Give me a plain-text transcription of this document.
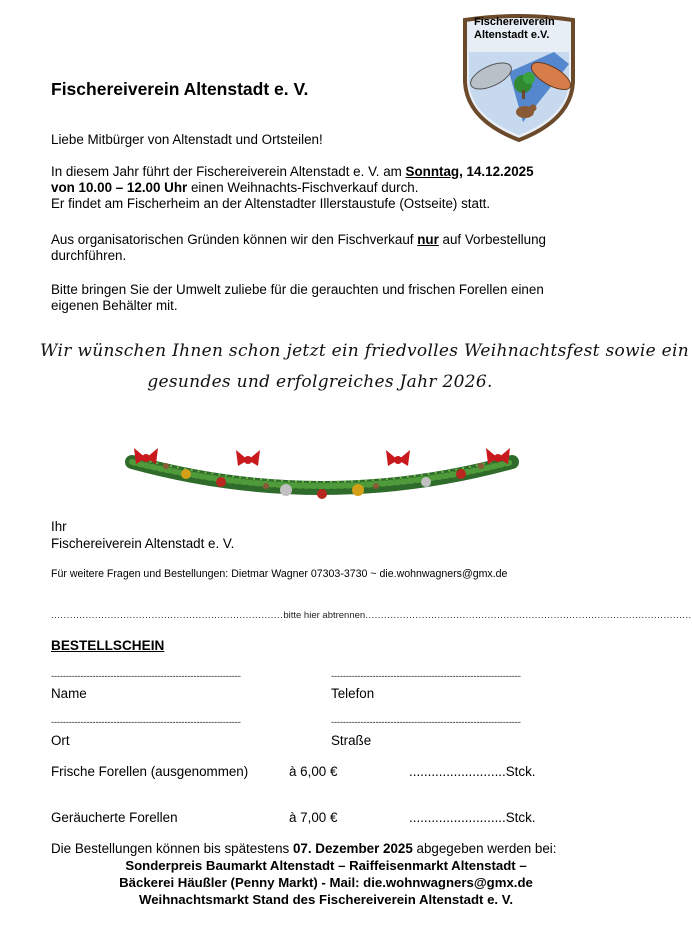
Fischereiverein
Altenstadt e.V.
Fischereiverein Altenstadt e. V.
Liebe Mitbürger von Altenstadt und Ortsteilen!
In diesem Jahr führt der Fischereiverein Altenstadt e. V. am Sonntag, 14.12.2025
von 10.00 – 12.00 Uhr einen Weihnachts-Fischverkauf durch.
Er findet am Fischerheim an der Altenstadter Illerstaustufe (Ostseite) statt.
Aus organisatorischen Gründen können wir den Fischverkauf nur auf Vorbestellung
durchführen.
Bitte bringen Sie der Umwelt zuliebe für die gerauchten und frischen Forellen einen
eigenen Behälter mit.
Wir wünschen Ihnen schon jetzt ein friedvolles Weihnachtsfest sowie ein
gesundes und erfolgreiches Jahr 2026.
Ihr
Fischereiverein Altenstadt e. V.
Für weitere Fragen und Bestellungen: Dietmar Wagner 07303-3730 ~ die.wohnwagners@gmx.de
..........................................................................bitte hier abtrennen........................................................................................................
BESTELLSCHEIN
----------------------------------------------------------------	----------------------------------------------------------------
Name	Telefon
----------------------------------------------------------------	----------------------------------------------------------------
Ort	Straße
Frische Forellen (ausgenommen)	à 6,00 €	..........................Stck.
Geräucherte Forellen	à 7,00 €	..........................Stck.
Die Bestellungen können bis spätestens 07. Dezember 2025 abgegeben werden bei:
Sonderpreis Baumarkt Altenstadt – Raiffeisenmarkt Altenstadt –
Bäckerei Häußler (Penny Markt) - Mail: die.wohnwagners@gmx.de
Weihnachtsmarkt Stand des Fischereiverein Altenstadt e. V.
